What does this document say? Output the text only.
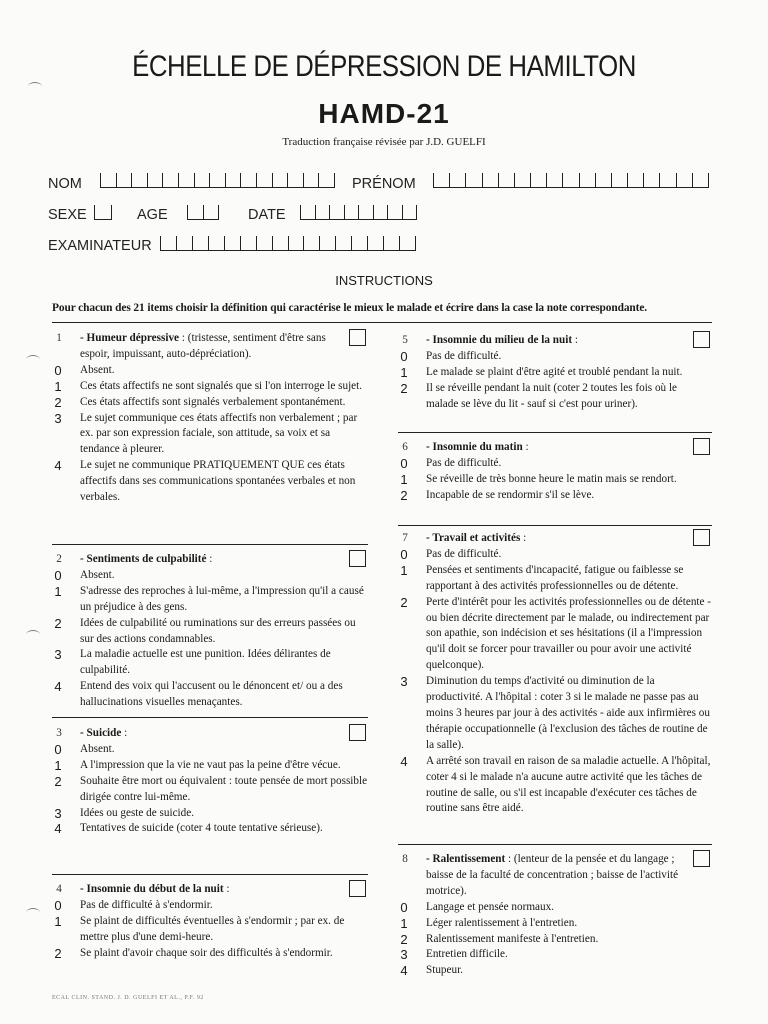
ÉCHELLE DE DÉPRESSION DE HAMILTON
HAMD-21
Traduction française révisée par J.D. GUELFI
NOM	PRÉNOM
SEXE	AGE	DATE
EXAMINATEUR
INSTRUCTIONS
Pour chacun des 21 items choisir la définition qui caractérise le mieux le malade et écrire dans la case la note correspondante.
1	- Humeur dépressive : (tristesse, sentiment d'être sans espoir, impuissant, auto-dépréciation).
0 Absent.
1 Ces états affectifs ne sont signalés que si l'on interroge le sujet.
2 Ces états affectifs sont signalés verbalement spontanément.
3 Le sujet communique ces états affectifs non verbalement ; par ex. par son expression faciale, son attitude, sa voix et sa tendance à pleurer.
4 Le sujet ne communique PRATIQUEMENT QUE ces états affectifs dans ses communications spontanées verbales et non verbales.
2	- Sentiments de culpabilité :
0 Absent.
1 S'adresse des reproches à lui-même, a l'impression qu'il a causé un préjudice à des gens.
2 Idées de culpabilité ou ruminations sur des erreurs passées ou sur des actions condamnables.
3 La maladie actuelle est une punition. Idées délirantes de culpabilité.
4 Entend des voix qui l'accusent ou le dénoncent et/ ou a des hallucinations visuelles menaçantes.
3	- Suicide :
0 Absent.
1 A l'impression que la vie ne vaut pas la peine d'être vécue.
2 Souhaite être mort ou équivalent : toute pensée de mort possible dirigée contre lui-même.
3 Idées ou geste de suicide.
4 Tentatives de suicide (coter 4 toute tentative sérieuse).
4	- Insomnie du début de la nuit :
0 Pas de difficulté à s'endormir.
1 Se plaint de difficultés éventuelles à s'endormir ; par ex. de mettre plus d'une demi-heure.
2 Se plaint d'avoir chaque soir des difficultés à s'endormir.
5	- Insomnie du milieu de la nuit :
0 Pas de difficulté.
1 Le malade se plaint d'être agité et troublé pendant la nuit.
2 Il se réveille pendant la nuit (coter 2 toutes les fois où le malade se lève du lit - sauf si c'est pour uriner).
6	- Insomnie du matin :
0 Pas de difficulté.
1 Se réveille de très bonne heure le matin mais se rendort.
2 Incapable de se rendormir s'il se lève.
7	- Travail et activités :
0 Pas de difficulté.
1 Pensées et sentiments d'incapacité, fatigue ou faiblesse se rapportant à des activités professionnelles ou de détente.
2 Perte d'intérêt pour les activités professionnelles ou de détente - ou bien décrite directement par le malade, ou indirectement par son apathie, son indécision et ses hésitations (il a l'impression qu'il doit se forcer pour travailler ou pour avoir une activité quelconque).
3 Diminution du temps d'activité ou diminution de la productivité. A l'hôpital : coter 3 si le malade ne passe pas au moins 3 heures par jour à des activités - aide aux infirmières ou thérapie occupationnelle (à l'exclusion des tâches de routine de la salle).
4 A arrêté son travail en raison de sa maladie actuelle. A l'hôpital, coter 4 si le malade n'a aucune autre activité que les tâches de routine de salle, ou s'il est incapable d'exécuter ces tâches de routine sans être aidé.
8	- Ralentissement : (lenteur de la pensée et du langage ; baisse de la faculté de concentration ; baisse de l'activité motrice).
0 Langage et pensée normaux.
1 Léger ralentissement à l'entretien.
2 Ralentissement manifeste à l'entretien.
3 Entretien difficile.
4 Stupeur.
ECAL CLIN. STAND. J. D. GUELFI ET AL., P.F. 92
